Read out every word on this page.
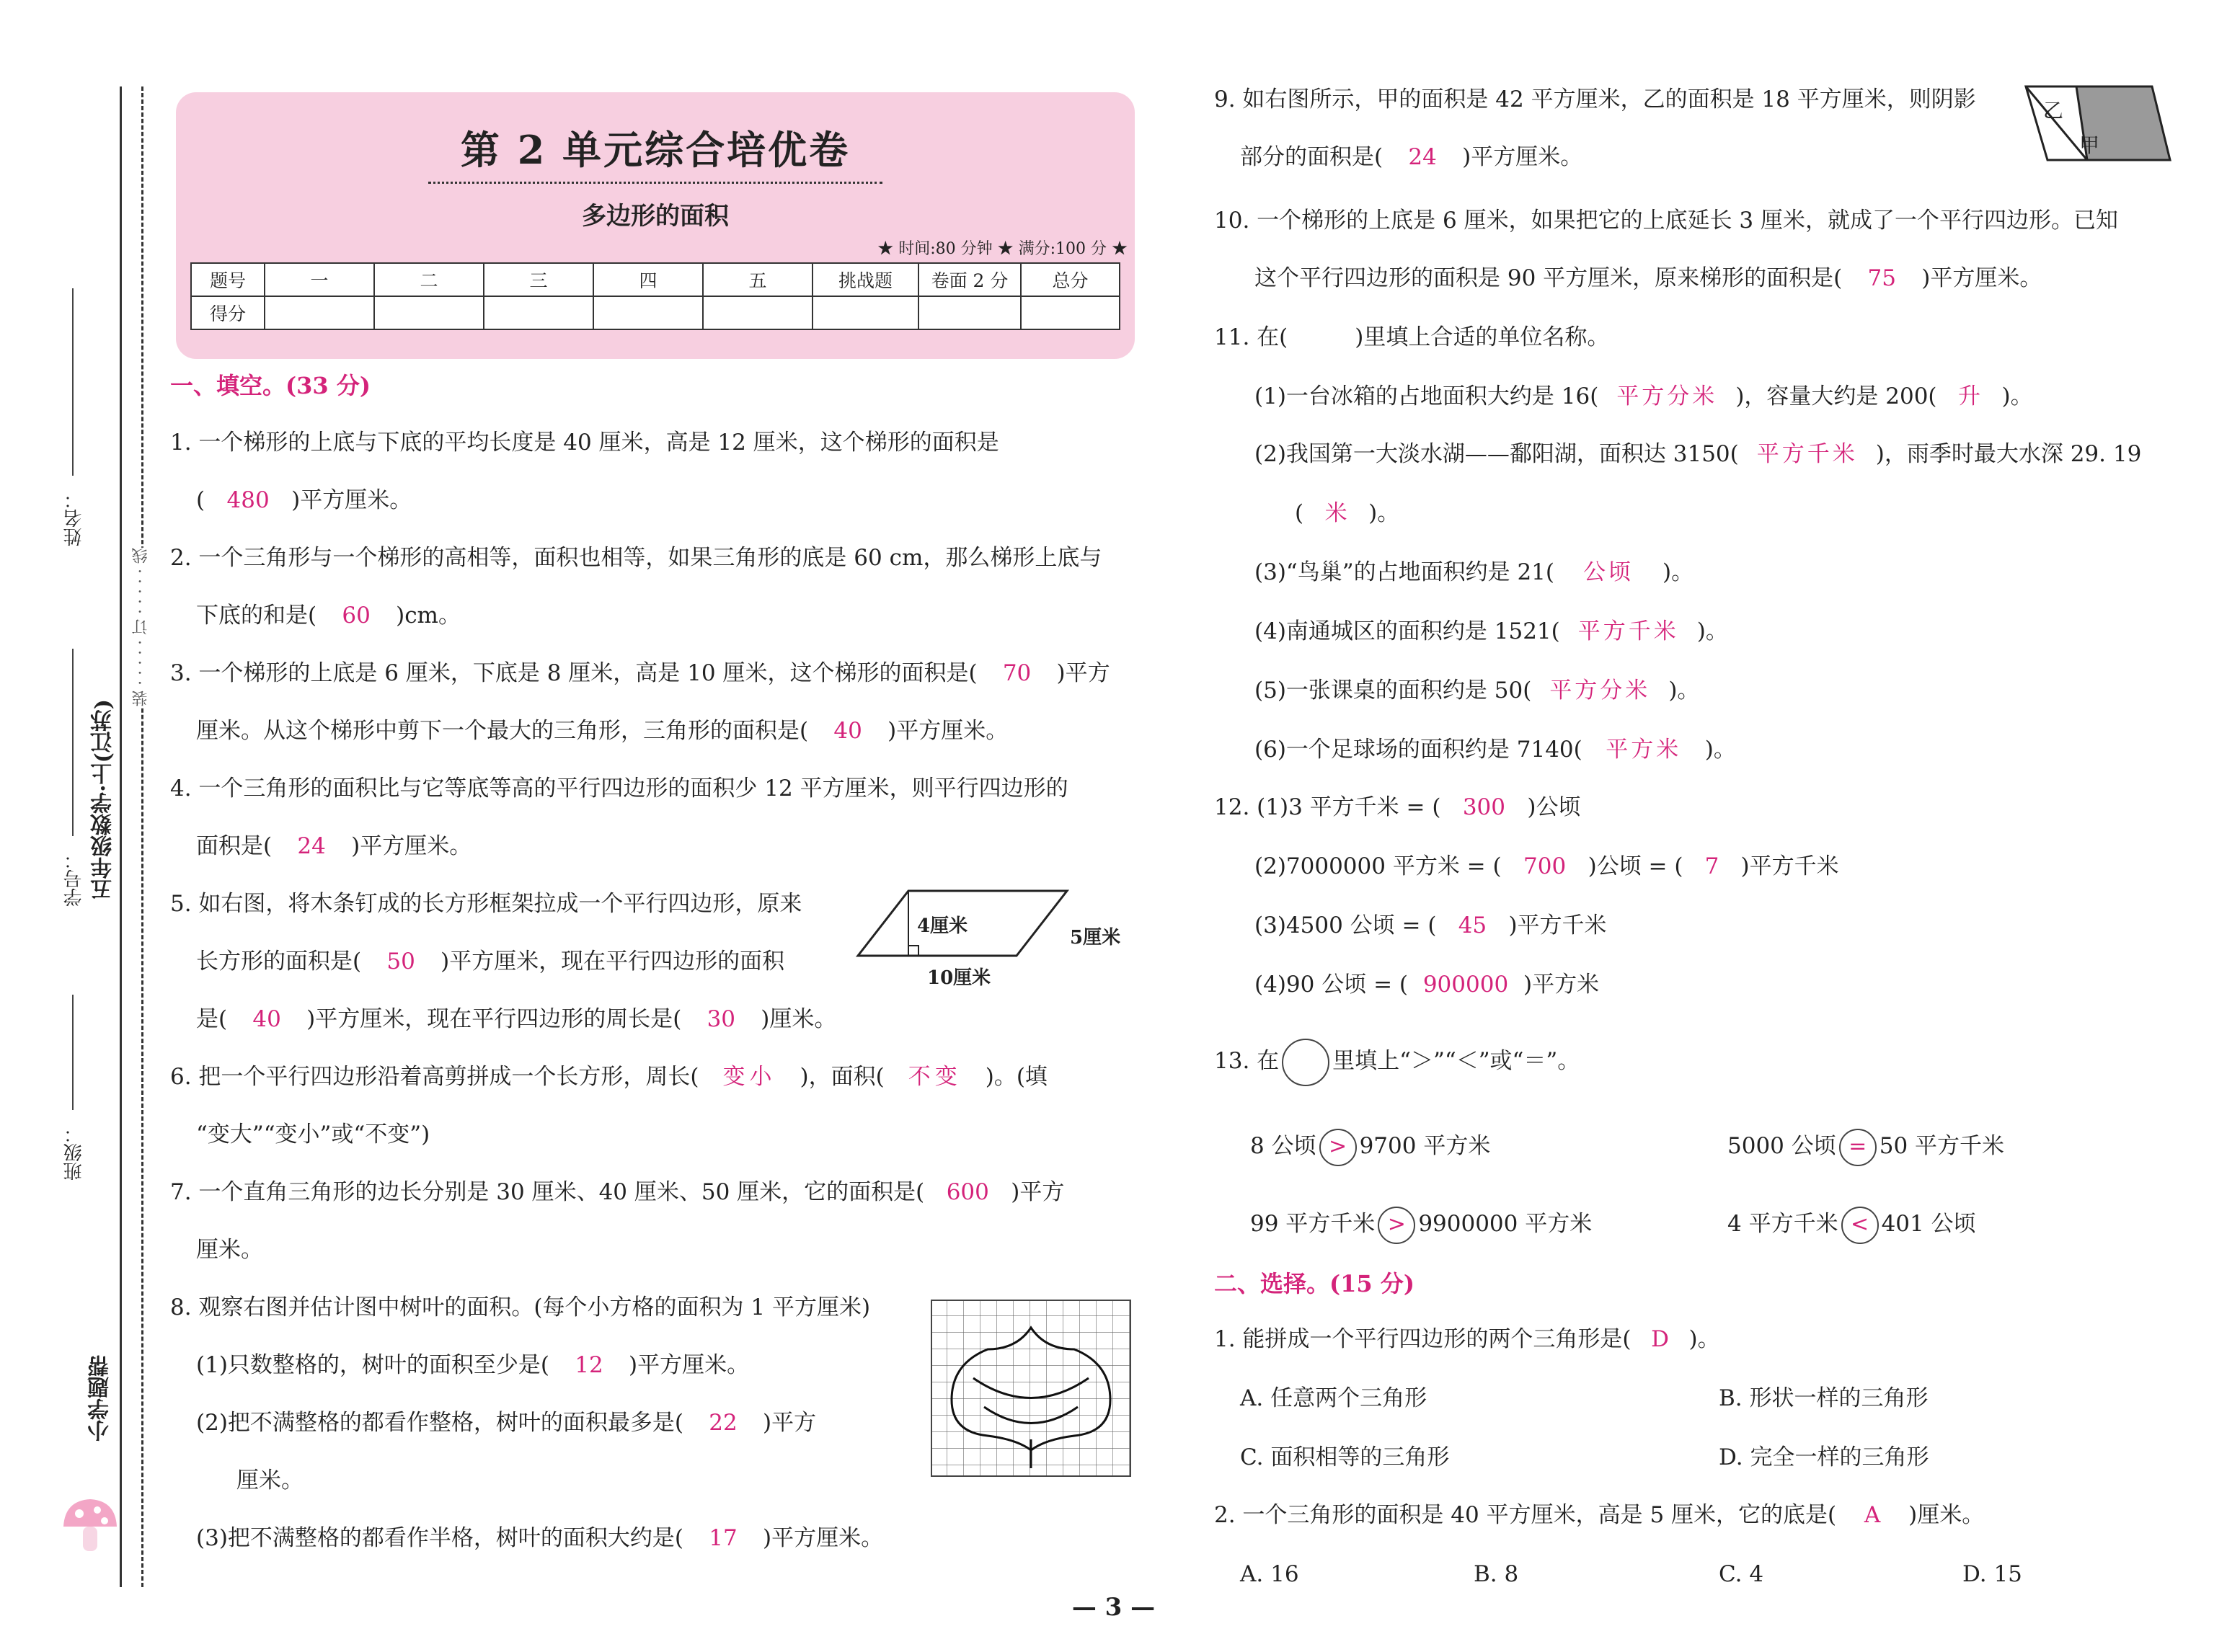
姓名：
学号：
班级：
五年级数学·上(江苏)
装 · · · · · 订 · · · · · 线
小学题帮
第 2 单元综合培优卷
多边形的面积
★ 时间:80 分钟 ★ 满分:100 分 ★
题号	一	二	三	四	五	挑战题	卷面 2 分	总分
得分								
一、填空。(33 分)
1. 一个梯形的上底与下底的平均长度是 40 厘米，高是 12 厘米，这个梯形的面积是
( 480 )平方厘米。
2. 一个三角形与一个梯形的高相等，面积也相等，如果三角形的底是 60 cm，那么梯形上底与
下底的和是( 60 )cm。
3. 一个梯形的上底是 6 厘米，下底是 8 厘米，高是 10 厘米，这个梯形的面积是( 70 )平方
厘米。从这个梯形中剪下一个最大的三角形，三角形的面积是( 40 )平方厘米。
4. 一个三角形的面积比与它等底等高的平行四边形的面积少 12 平方厘米，则平行四边形的
面积是( 24 )平方厘米。
5. 如右图，将木条钉成的长方形框架拉成一个平行四边形，原来
长方形的面积是( 50 )平方厘米，现在平行四边形的面积
是( 40 )平方厘米，现在平行四边形的周长是( 30 )厘米。
4厘米
5厘米
10厘米
6. 把一个平行四边形沿着高剪拼成一个长方形，周长( 变小 )，面积( 不变 )。(填
“变大”“变小”或“不变”)
7. 一个直角三角形的边长分别是 30 厘米、40 厘米、50 厘米，它的面积是( 600 )平方
厘米。
8. 观察右图并估计图中树叶的面积。(每个小方格的面积为 1 平方厘米)
(1)只数整格的，树叶的面积至少是( 12 )平方厘米。
(2)把不满整格的都看作整格，树叶的面积最多是( 22 )平方
厘米。
(3)把不满整格的都看作半格，树叶的面积大约是( 17 )平方厘米。
9. 如右图所示，甲的面积是 42 平方厘米，乙的面积是 18 平方厘米，则阴影
部分的面积是( 24 )平方厘米。
乙
甲
10. 一个梯形的上底是 6 厘米，如果把它的上底延长 3 厘米，就成了一个平行四边形。已知
这个平行四边形的面积是 90 平方厘米，原来梯形的面积是( 75 )平方厘米。
11. 在(　　　)里填上合适的单位名称。
(1)一台冰箱的占地面积大约是 16( 平方分米 )，容量大约是 200( 升 )。
(2)我国第一大淡水湖——鄱阳湖，面积达 3150( 平方千米 )，雨季时最大水深 29. 19
( 米 )。
(3)“鸟巢”的占地面积约是 21( 公顷 )。
(4)南通城区的面积约是 1521( 平方千米 )。
(5)一张课桌的面积约是 50( 平方分米 )。
(6)一个足球场的面积约是 7140( 平方米 )。
12. (1)3 平方千米 = ( 300 )公顷
(2)7000000 平方米 = ( 700 )公顷 = ( 7 )平方千米
(3)4500 公顷 = ( 45 )平方千米
(4)90 公顷 = ( 900000 )平方米
13. 在 里填上“＞”“＜”或“＝”。
8 公顷 > 9700 平方米	5000 公顷 = 50 平方千米
99 平方千米 > 9900000 平方米	4 平方千米 < 401 公顷
二、选择。(15 分)
1. 能拼成一个平行四边形的两个三角形是( D )。
A. 任意两个三角形	B. 形状一样的三角形
C. 面积相等的三角形	D. 完全一样的三角形
2. 一个三角形的面积是 40 平方厘米，高是 5 厘米，它的底是( A )厘米。
A. 16	B. 8	C. 4	D. 15
— 3 —
